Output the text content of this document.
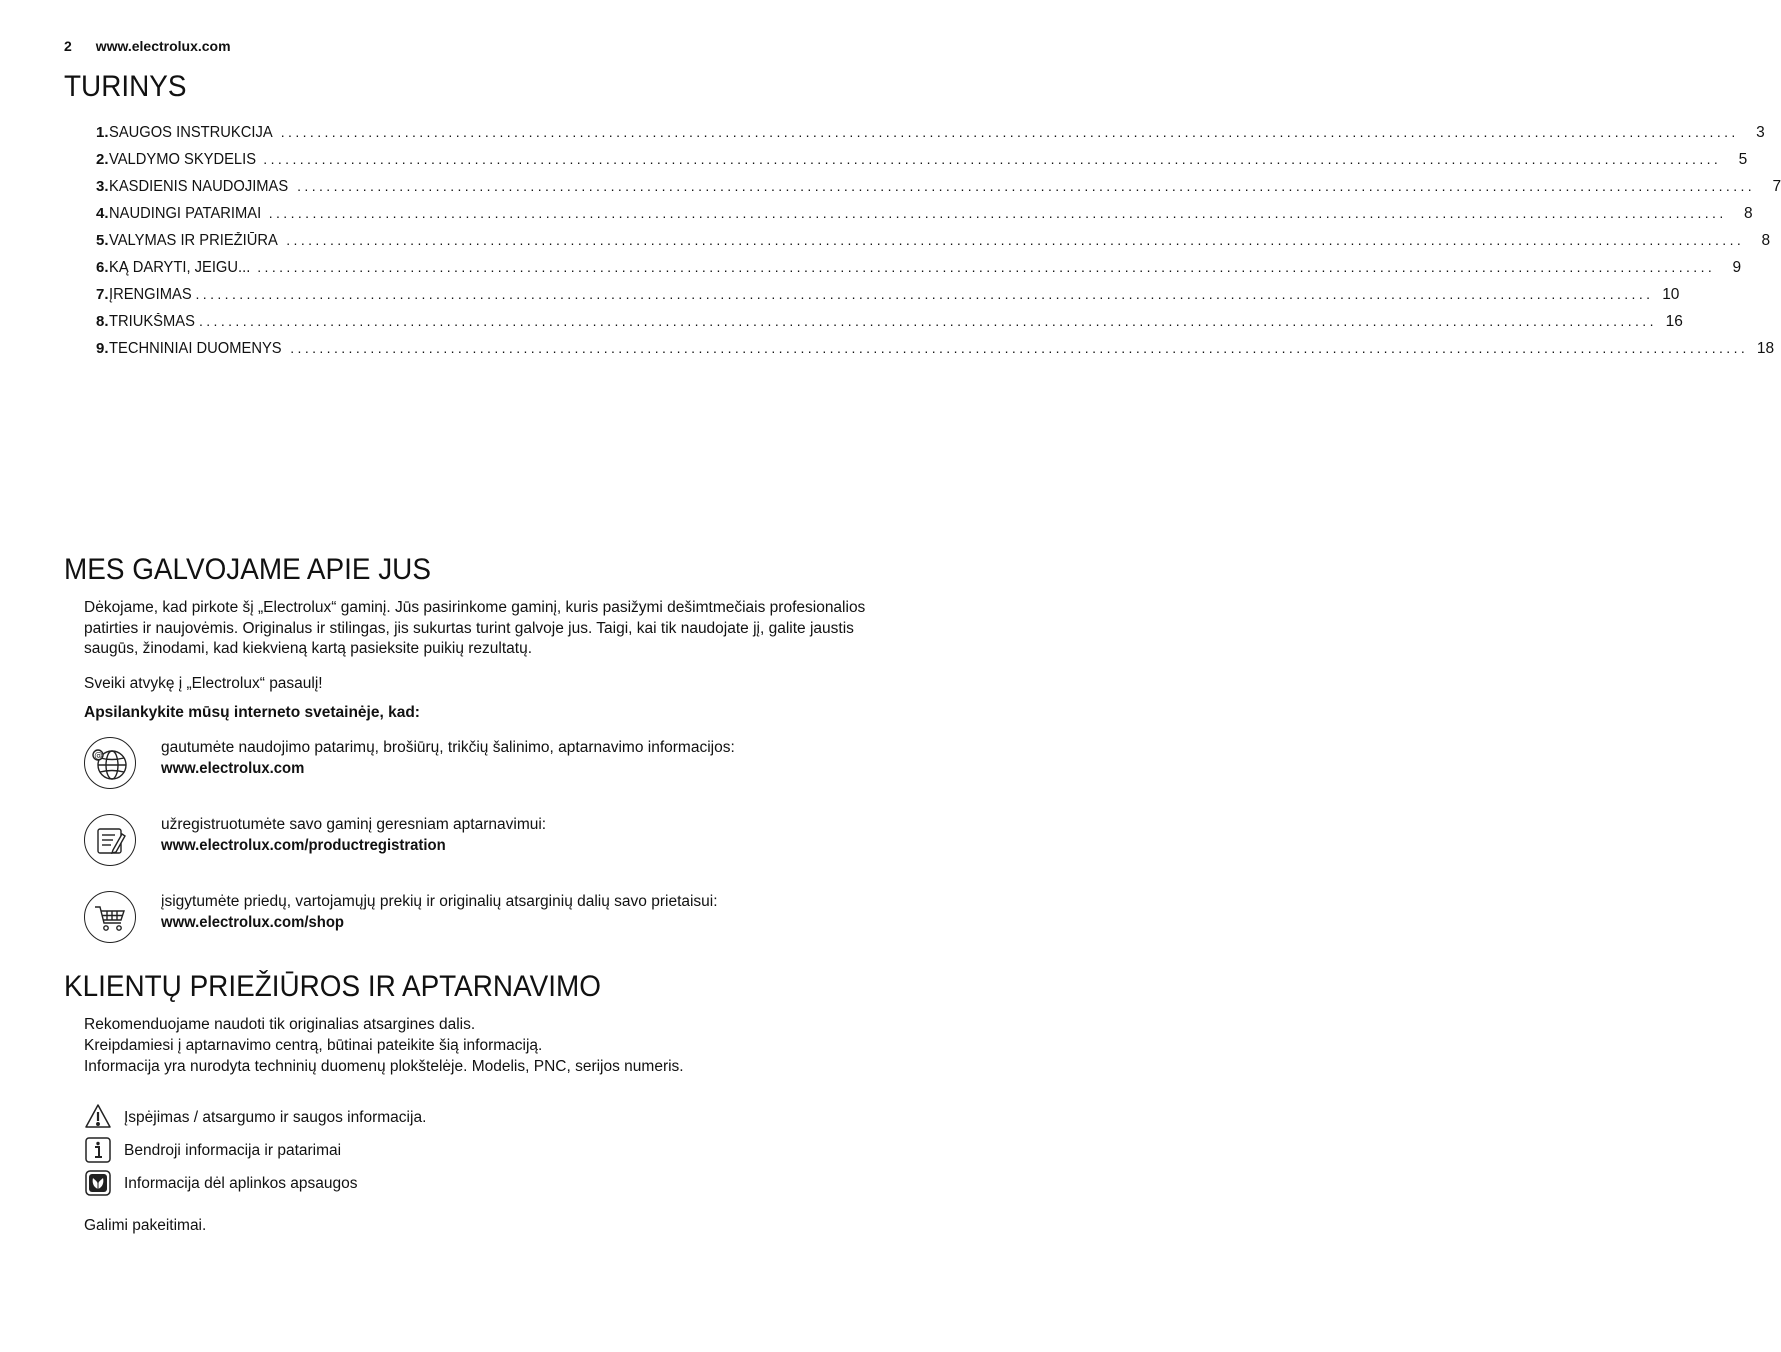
2 www.electrolux.com
TURINYS
1. SAUGOS INSTRUKCIJA ........................................................................................................................................................................................................	3
2. VALDYMO SKYDELIS ........................................................................................................................................................................................................	5
3. KASDIENIS NAUDOJIMAS ........................................................................................................................................................................................................	7
4. NAUDINGI PATARIMAI ........................................................................................................................................................................................................	8
5. VALYMAS IR PRIEŽIŪRA ........................................................................................................................................................................................................	8
6. KĄ DARYTI, JEIGU... ........................................................................................................................................................................................................	9
7. ĮRENGIMAS ........................................................................................................................................................................................................ 10
8. TRIUKŠMAS ........................................................................................................................................................................................................ 16
9. TECHNINIAI DUOMENYS ........................................................................................................................................................................................................ 18
MES GALVOJAME APIE JUS
Dėkojame, kad pirkote šį „Electrolux“ gaminį. Jūs pasirinkome gaminį, kuris pasižymi dešimtmečiais profesionalios patirties ir naujovėmis. Originalus ir stilingas, jis sukurtas turint galvoje jus. Taigi, kai tik naudojate jį, galite jaustis saugūs, žinodami, kad kiekvieną kartą pasieksite puikių rezultatų.
Sveiki atvykę į „Electrolux“ pasaulį!
Apsilankykite mūsų interneto svetainėje, kad:
@	gautumėte naudojimo patarimų, brošiūrų, trikčių šalinimo, aptarnavimo informacijos:
www.electrolux.com
užregistruotumėte savo gaminį geresniam aptarnavimui:
www.electrolux.com/productregistration
įsigytumėte priedų, vartojamųjų prekių ir originalių atsarginių dalių savo prietaisui:
www.electrolux.com/shop
KLIENTŲ PRIEŽIŪROS IR APTARNAVIMO
Rekomenduojame naudoti tik originalias atsargines dalis.
Kreipdamiesi į aptarnavimo centrą, būtinai pateikite šią informaciją.
Informacija yra nurodyta techninių duomenų plokštelėje. Modelis, PNC, serijos numeris.
Įspėjimas / atsargumo ir saugos informacija.
Bendroji informacija ir patarimai
Informacija dėl aplinkos apsaugos
Galimi pakeitimai.
